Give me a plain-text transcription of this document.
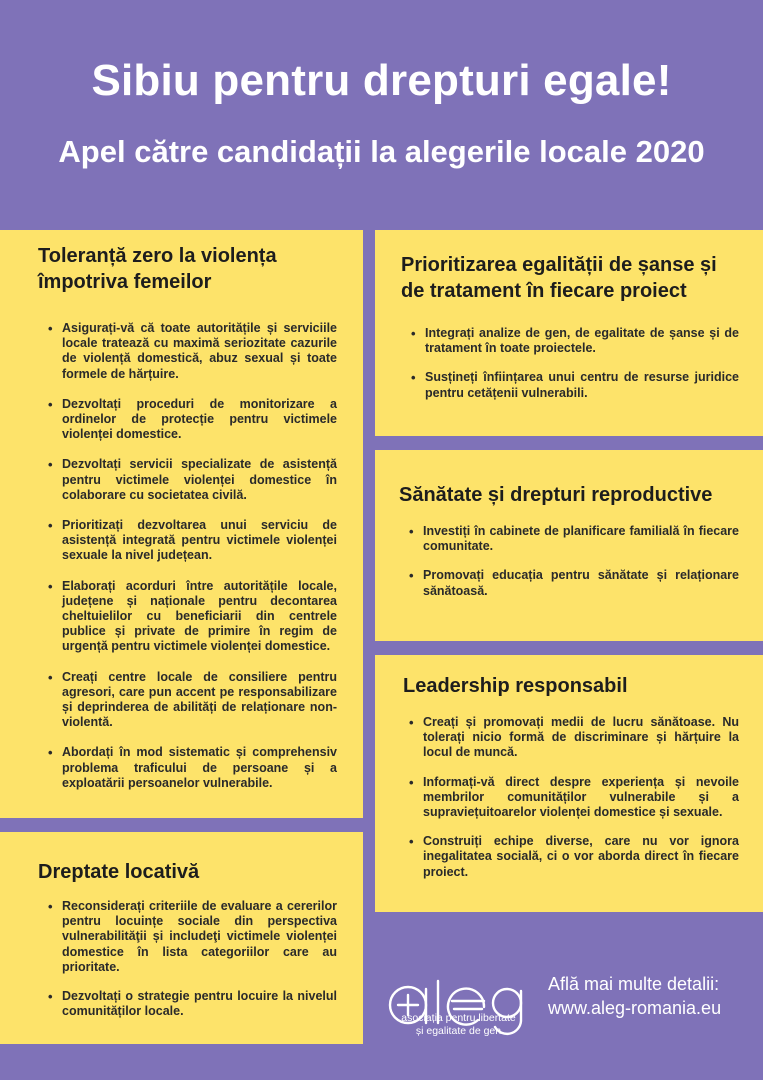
Sibiu pentru drepturi egale!
Apel către candidații la alegerile locale 2020
Toleranță zero la violența împotriva femeilor
• Asigurați-vă că toate autoritățile și serviciile locale tratează cu maximă seriozitate cazurile de violență domestică, abuz sexual și toate formele de hărțuire.
• Dezvoltați proceduri de monitorizare a ordinelor de protecție pentru victimele violenței domestice.
• Dezvoltați servicii specializate de asistență pentru victimele violenței domestice în colaborare cu societatea civilă.
• Prioritizați dezvoltarea unui serviciu de asistență integrată pentru victimele violenței sexuale la nivel județean.
• Elaborați acorduri între autoritățile locale, județene și naționale pentru decontarea cheltuielilor cu beneficiarii din centrele publice și private de primire în regim de urgență pentru victimele violenței domestice.
• Creați centre locale de consiliere pentru agresori, care pun accent pe responsabilizare și deprinderea de abilități de relaționare non-violentă.
• Abordați în mod sistematic și comprehensiv problema traficului de persoane și a exploatării persoanelor vulnerabile.
Dreptate locativă
• Reconsiderați criteriile de evaluare a cererilor pentru locuințe sociale din perspectiva vulnerabilităţii și includeţi victimele violenței domestice în lista categoriilor care au prioritate.
• Dezvoltați o strategie pentru locuire la nivelul comunităților locale.
Prioritizarea egalității de șanse și de tratament în fiecare proiect
• Integrați analize de gen, de egalitate de șanse și de tratament în toate proiectele.
• Susțineți înființarea unui centru de resurse juridice pentru cetățenii vulnerabili.
Sănătate și drepturi reproductive
• Investiți în cabinete de planificare familială în fiecare comunitate.
• Promovați educația pentru sănătate și relaționare sănătoasă.
Leadership responsabil
• Creați și promovați medii de lucru sănătoase. Nu tolerați nicio formă de discriminare și hărțuire la locul de muncă.
• Informați-vă direct despre experiența și nevoile membrilor comunităților vulnerabile și a supraviețuitoarelor violenței domestice și sexuale.
• Construiți echipe diverse, care nu vor ignora inegalitatea socială, ci o vor aborda direct în fiecare proiect.
asociația pentru libertate
și egalitate de gen
Află mai multe detalii:
www.aleg-romania.eu
